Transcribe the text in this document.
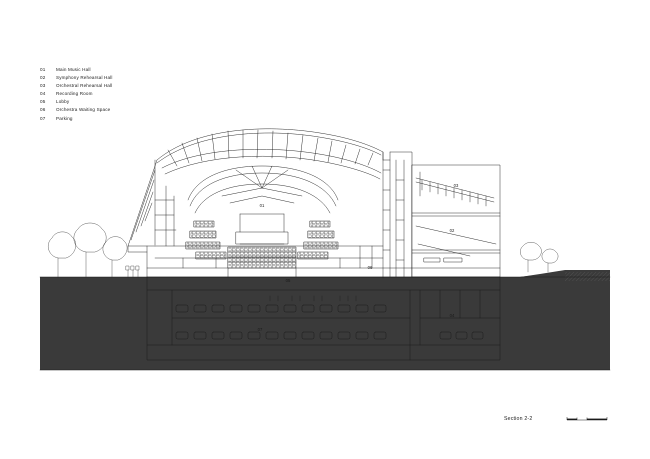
01	Main Music Hall
02	Symphony Rehearsal Hall
03	Orchestral Rehearsal Hall
04	Recording Room
05	Lobby
06	Orchestra Waiting Space
07	Parking
01
02
03
04
05
06
07
Section 2-2
